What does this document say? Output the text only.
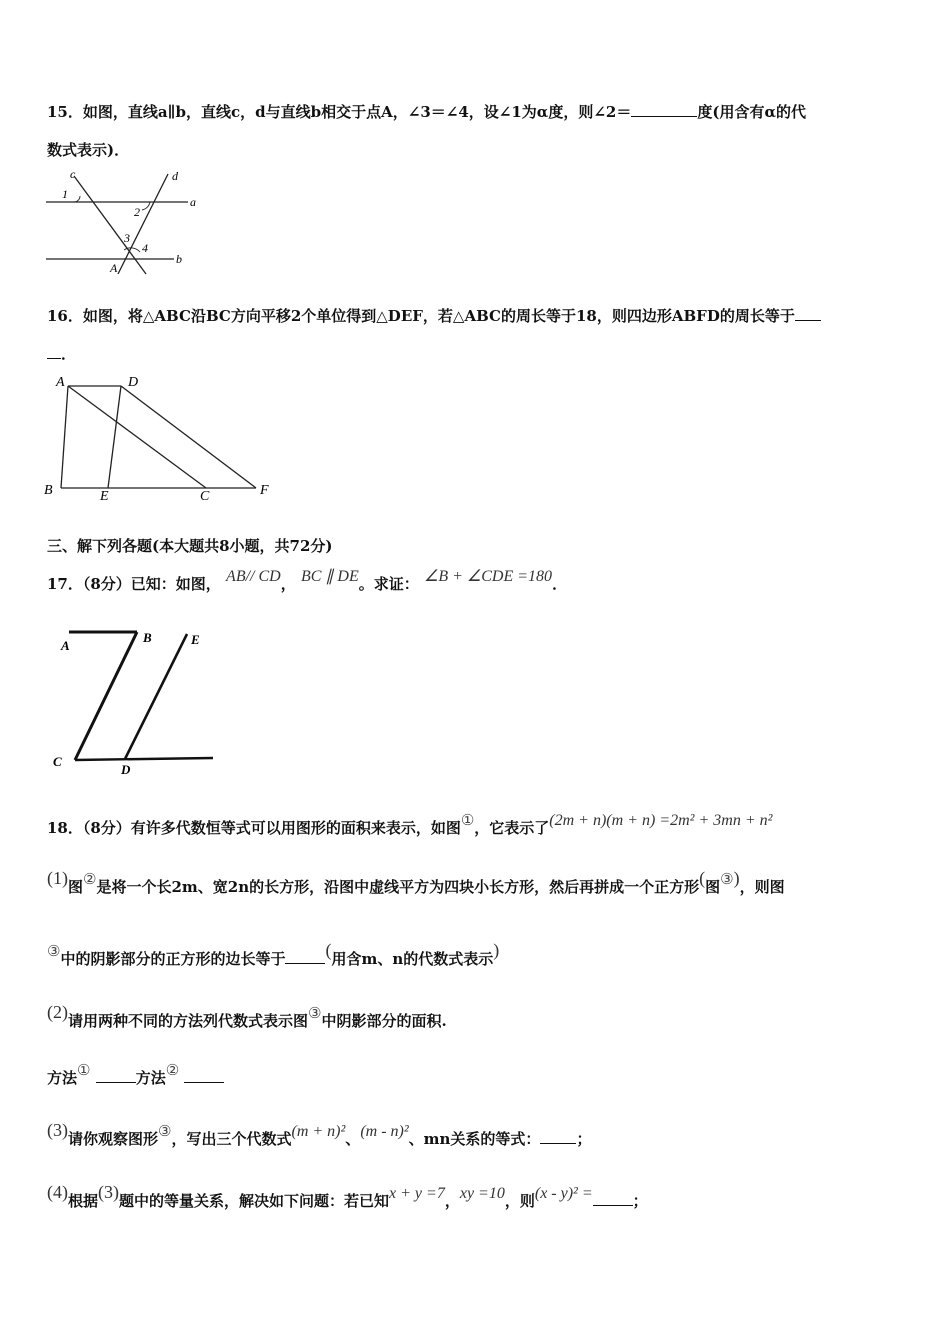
15．如图，直线a∥b，直线c，d与直线b相交于点A，∠3＝∠4，设∠1为α度，则∠2＝	度(用含有α的代
数式表示)．
c	d
a
b
A
1
2
3
4
16．如图，将△ABC沿BC方向平移2个单位得到△DEF，若△ABC的周长等于18，则四边形ABFD的周长等于
．
A	D
B	E	C	F
三、解下列各题(本大题共8小题，共72分)
17．（8分）已知：如图， AB// CD， BC ∥ DE。求证： ∠B + ∠CDE =180．
A
B	E
C
D
18．（8分）有许多代数恒等式可以用图形的面积来表示，如图①，它表示了(2m + n)(m + n) =2m² + 3mn + n²
(1)图②是将一个长2m、宽2n的长方形，沿图中虚线平方为四块小长方形，然后再拼成一个正方形(图③)，则图
③中的阴影部分的正方形的边长等于 (用含m、n的代数式表示)
(2)请用两种不同的方法列代数式表示图③中阴影部分的面积.
方法①	方法②
(3)请你观察图形③，写出三个代数式(m + n)²、(m - n)²、mn关系的等式： ；
(4)根据(3)题中的等量关系，解决如下问题：若已知x + y =7，xy =10，则(x - y)² =	；
